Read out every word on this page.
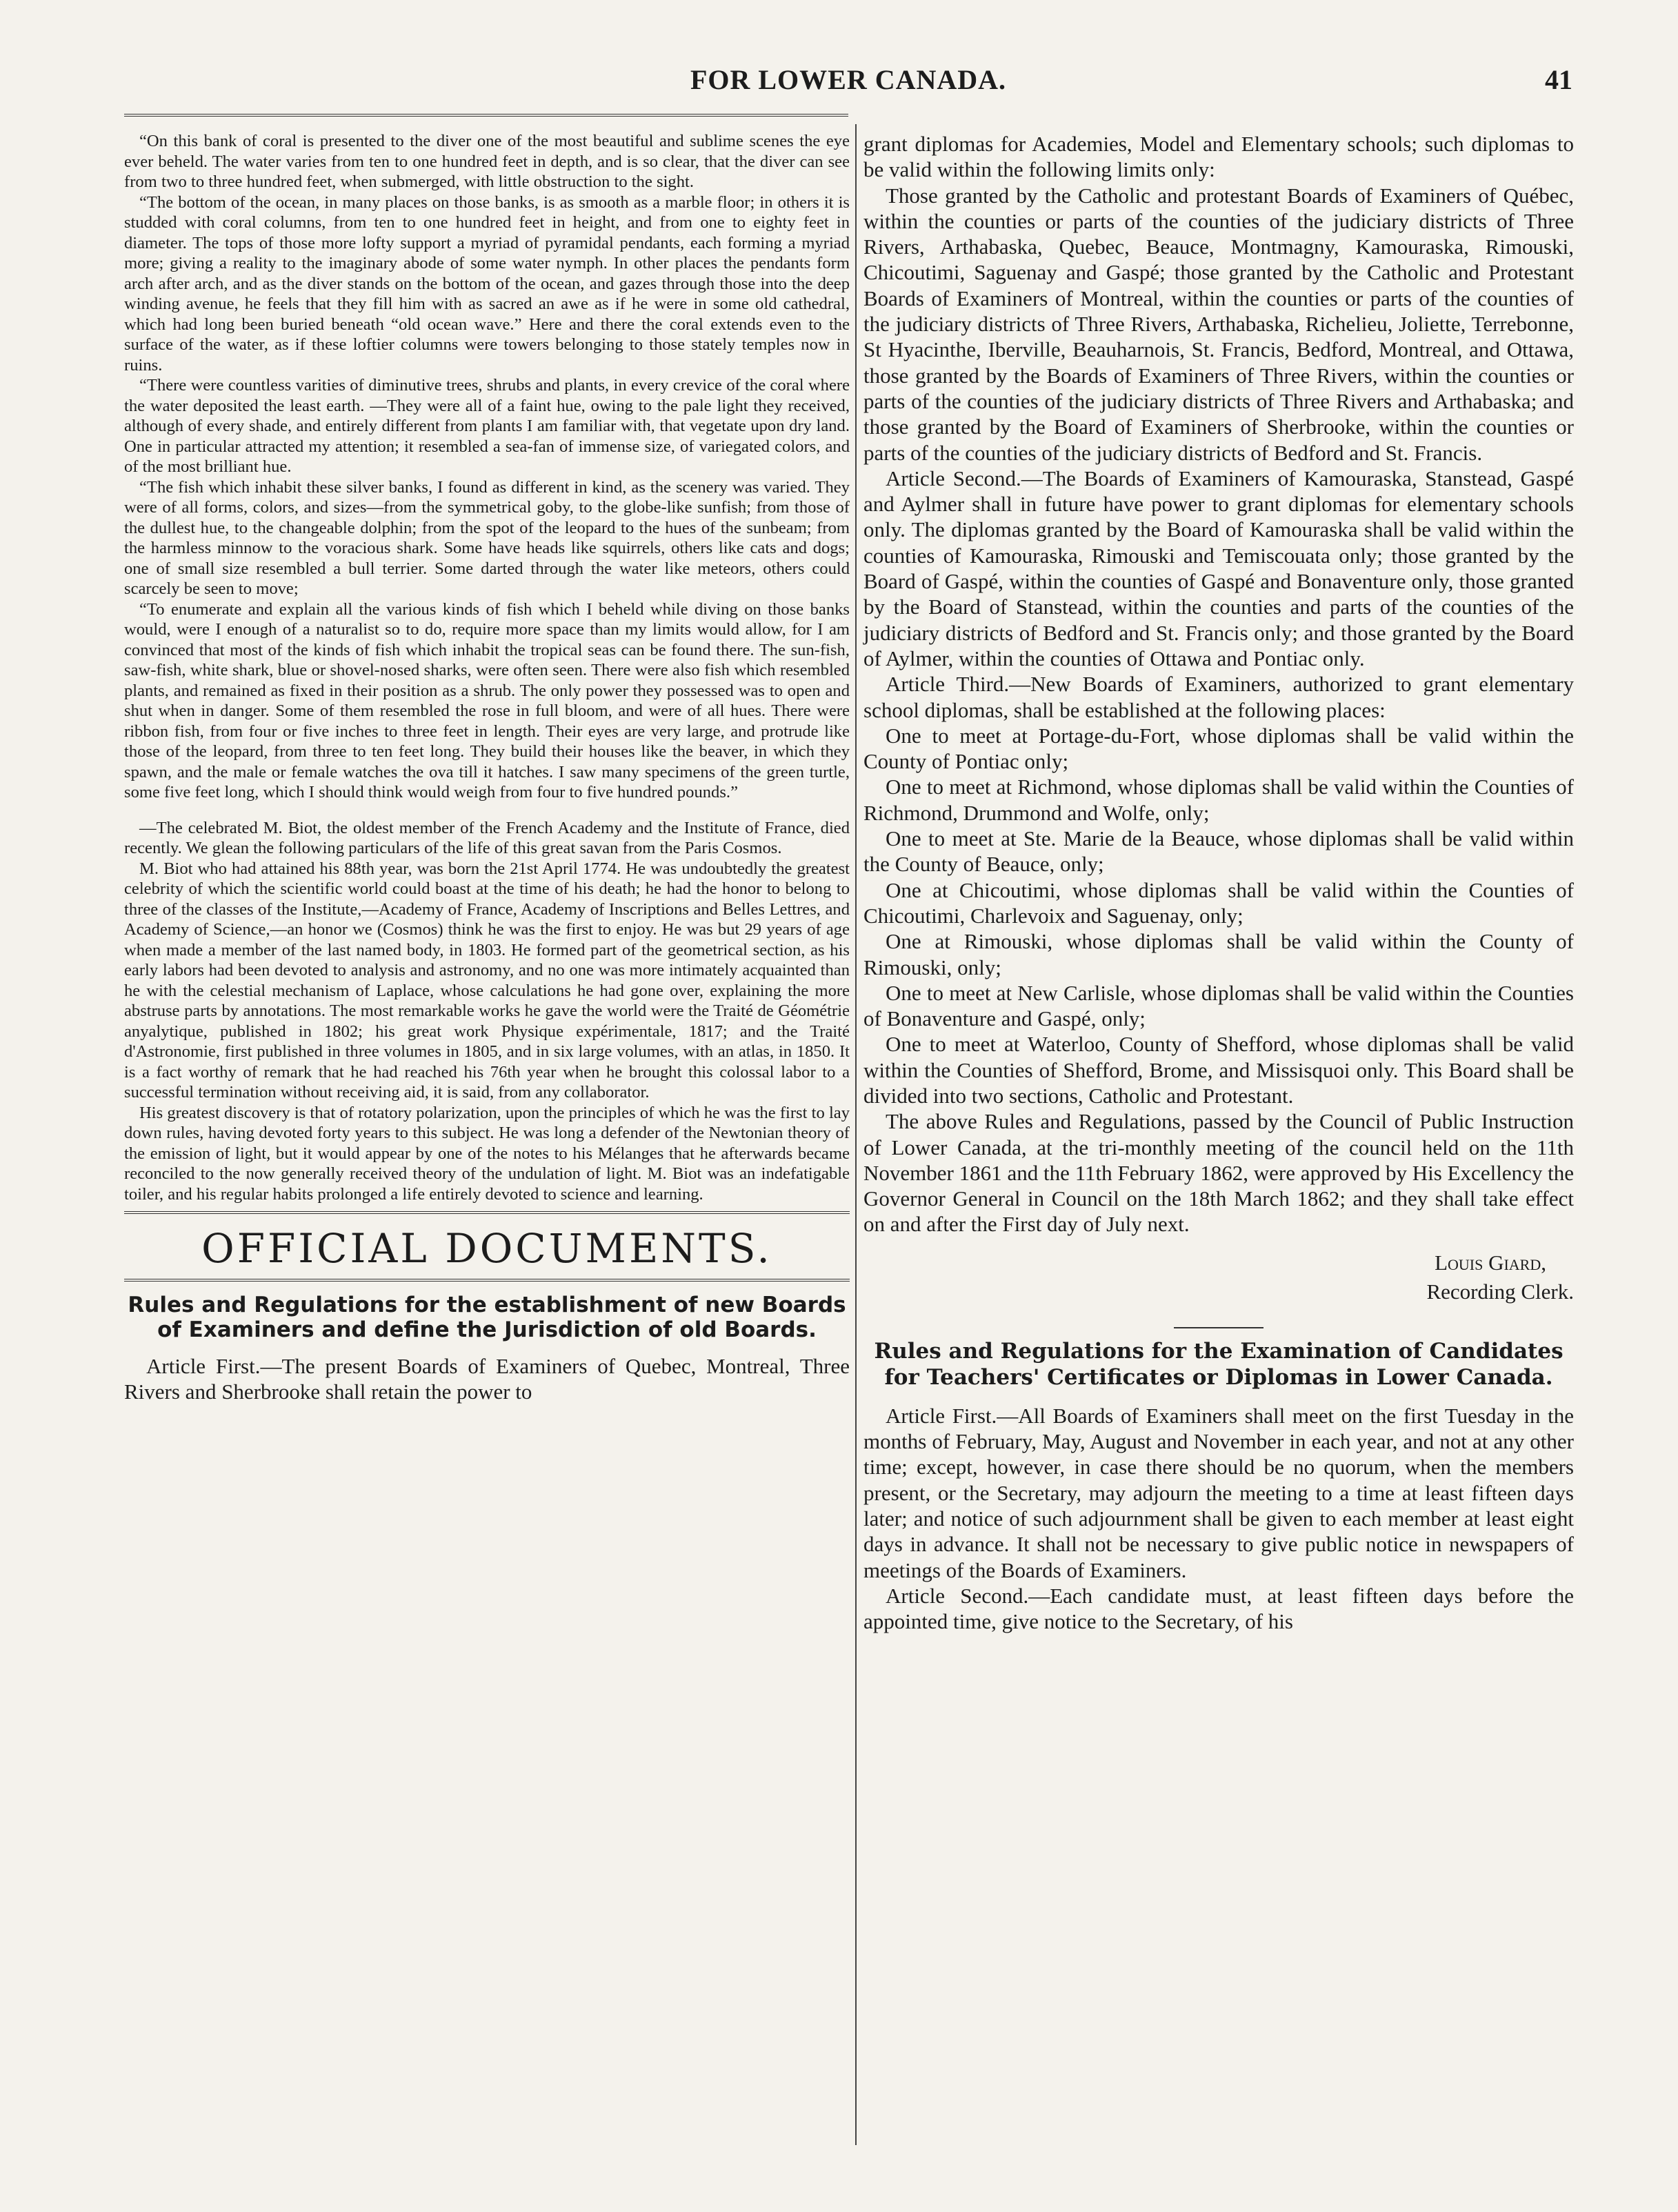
FOR LOWER CANADA.	41

“On this bank of coral is presented to the diver one of the most beautiful and sublime scenes the eye ever beheld. The water varies from ten to one hundred feet in depth, and is so clear, that the diver can see from two to three hundred feet, when submerged, with little obstruction to the sight.

“The bottom of the ocean, in many places on those banks, is as smooth as a marble floor; in others it is studded with coral columns, from ten to one hundred feet in height, and from one to eighty feet in diameter. The tops of those more lofty support a myriad of pyramidal pendants, each forming a myriad more; giving a reality to the imaginary abode of some water nymph. In other places the pendants form arch after arch, and as the diver stands on the bottom of the ocean, and gazes through those into the deep winding avenue, he feels that they fill him with as sacred an awe as if he were in some old cathedral, which had long been buried beneath “old ocean wave.” Here and there the coral extends even to the surface of the water, as if these loftier columns were towers belonging to those stately temples now in ruins.

“There were countless varities of diminutive trees, shrubs and plants, in every crevice of the coral where the water deposited the least earth. —They were all of a faint hue, owing to the pale light they received, although of every shade, and entirely different from plants I am familiar with, that vegetate upon dry land. One in particular attracted my attention; it resembled a sea-fan of immense size, of variegated colors, and of the most brilliant hue.

“The fish which inhabit these silver banks, I found as different in kind, as the scenery was varied. They were of all forms, colors, and sizes—from the symmetrical goby, to the globe-like sunfish; from those of the dullest hue, to the changeable dolphin; from the spot of the leopard to the hues of the sunbeam; from the harmless minnow to the voracious shark. Some have heads like squirrels, others like cats and dogs; one of small size resembled a bull terrier. Some darted through the water like meteors, others could scarcely be seen to move;

“To enumerate and explain all the various kinds of fish which I beheld while diving on those banks would, were I enough of a naturalist so to do, require more space than my limits would allow, for I am convinced that most of the kinds of fish which inhabit the tropical seas can be found there. The sun-fish, saw-fish, white shark, blue or shovel-nosed sharks, were often seen. There were also fish which resembled plants, and remained as fixed in their position as a shrub. The only power they possessed was to open and shut when in danger. Some of them resembled the rose in full bloom, and were of all hues. There were ribbon fish, from four or five inches to three feet in length. Their eyes are very large, and protrude like those of the leopard, from three to ten feet long. They build their houses like the beaver, in which they spawn, and the male or female watches the ova till it hatches. I saw many specimens of the green turtle, some five feet long, which I should think would weigh from four to five hundred pounds.”

—The celebrated M. Biot, the oldest member of the French Academy and the Institute of France, died recently. We glean the following particulars of the life of this great savan from the Paris Cosmos.

M. Biot who had attained his 88th year, was born the 21st April 1774. He was undoubtedly the greatest celebrity of which the scientific world could boast at the time of his death; he had the honor to belong to three of the classes of the Institute,—Academy of France, Academy of Inscriptions and Belles Lettres, and Academy of Science,—an honor we (Cosmos) think he was the first to enjoy. He was but 29 years of age when made a member of the last named body, in 1803. He formed part of the geometrical section, as his early labors had been devoted to analysis and astronomy, and no one was more intimately acquainted than he with the celestial mechanism of Laplace, whose calculations he had gone over, explaining the more abstruse parts by annotations. The most remarkable works he gave the world were the Traité de Géométrie anyalytique, published in 1802; his great work Physique expérimentale, 1817; and the Traité d'Astronomie, first published in three volumes in 1805, and in six large volumes, with an atlas, in 1850. It is a fact worthy of remark that he had reached his 76th year when he brought this colossal labor to a successful termination without receiving aid, it is said, from any collaborator.

His greatest discovery is that of rotatory polarization, upon the principles of which he was the first to lay down rules, having devoted forty years to this subject. He was long a defender of the Newtonian theory of the emission of light, but it would appear by one of the notes to his Mélanges that he afterwards became reconciled to the now generally received theory of the undulation of light. M. Biot was an indefatigable toiler, and his regular habits prolonged a life entirely devoted to science and learning.

OFFICIAL DOCUMENTS.
Rules and Regulations for the establishment of new Boards of Examiners and define the Jurisdiction of old Boards.

Article First.—The present Boards of Examiners of Quebec, Montreal, Three Rivers and Sherbrooke shall retain the power to

grant diplomas for Academies, Model and Elementary schools; such diplomas to be valid within the following limits only:

Those granted by the Catholic and protestant Boards of Examiners of Québec, within the counties or parts of the counties of the judiciary districts of Three Rivers, Arthabaska, Quebec, Beauce, Montmagny, Kamouraska, Rimouski, Chicoutimi, Saguenay and Gaspé; those granted by the Catholic and Protestant Boards of Examiners of Montreal, within the counties or parts of the counties of the judiciary districts of Three Rivers, Arthabaska, Richelieu, Joliette, Terrebonne, St Hyacinthe, Iberville, Beauharnois, St. Francis, Bedford, Montreal, and Ottawa, those granted by the Boards of Examiners of Three Rivers, within the counties or parts of the counties of the judiciary districts of Three Rivers and Arthabaska; and those granted by the Board of Examiners of Sherbrooke, within the counties or parts of the counties of the judiciary districts of Bedford and St. Francis.

Article Second.—The Boards of Examiners of Kamouraska, Stanstead, Gaspé and Aylmer shall in future have power to grant diplomas for elementary schools only. The diplomas granted by the Board of Kamouraska shall be valid within the counties of Kamouraska, Rimouski and Temiscouata only; those granted by the Board of Gaspé, within the counties of Gaspé and Bonaventure only, those granted by the Board of Stanstead, within the counties and parts of the counties of the judiciary districts of Bedford and St. Francis only; and those granted by the Board of Aylmer, within the counties of Ottawa and Pontiac only.

Article Third.—New Boards of Examiners, authorized to grant elementary school diplomas, shall be established at the following places:

One to meet at Portage-du-Fort, whose diplomas shall be valid within the County of Pontiac only;

One to meet at Richmond, whose diplomas shall be valid within the Counties of Richmond, Drummond and Wolfe, only;

One to meet at Ste. Marie de la Beauce, whose diplomas shall be valid within the County of Beauce, only;

One at Chicoutimi, whose diplomas shall be valid within the Counties of Chicoutimi, Charlevoix and Saguenay, only;

One at Rimouski, whose diplomas shall be valid within the County of Rimouski, only;

One to meet at New Carlisle, whose diplomas shall be valid within the Counties of Bonaventure and Gaspé, only;

One to meet at Waterloo, County of Shefford, whose diplomas shall be valid within the Counties of Shefford, Brome, and Missisquoi only. This Board shall be divided into two sections, Catholic and Protestant.

The above Rules and Regulations, passed by the Council of Public Instruction of Lower Canada, at the tri-monthly meeting of the council held on the 11th November 1861 and the 11th February 1862, were approved by His Excellency the Governor General in Council on the 18th March 1862; and they shall take effect on and after the First day of July next.

Louis Giard,
Recording Clerk.
Rules and Regulations for the Examination of Candidates for Teachers' Certificates or Diplomas in Lower Canada.

Article First.—All Boards of Examiners shall meet on the first Tuesday in the months of February, May, August and November in each year, and not at any other time; except, however, in case there should be no quorum, when the members present, or the Secretary, may adjourn the meeting to a time at least fifteen days later; and notice of such adjournment shall be given to each member at least eight days in advance. It shall not be necessary to give public notice in newspapers of meetings of the Boards of Examiners.

Article Second.—Each candidate must, at least fifteen days before the appointed time, give notice to the Secretary, of his
